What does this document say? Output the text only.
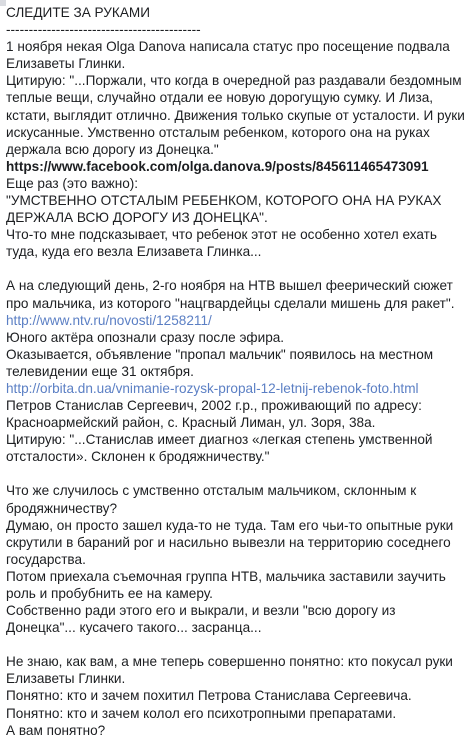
СЛЕДИТЕ ЗА РУКАМИ
-------------------------------------------
1 ноября некая Olga Danova написала статус про посещение подвала Елизаветы Глинки.
Цитирую: "...Поржали, что когда в очередной раз раздавали бездомным теплые вещи, случайно отдали ее новую дорогущую сумку. И Лиза, кстати, выглядит отлично. Движения только скупые от усталости. И руки искусанные. Умственно отсталым ребенком, которого она на руках держала всю дорогу из Донецка."
https://www.facebook.com/olga.danova.9/posts/845611465473091
Еще раз (это важно):
"УМСТВЕННО ОТСТАЛЫМ РЕБЕНКОМ, КОТОРОГО ОНА НА РУКАХ ДЕРЖАЛА ВСЮ ДОРОГУ ИЗ ДОНЕЦКА".
Что-то мне подсказывает, что ребенок этот не особенно хотел ехать туда, куда его везла Елизавета Глинка...
А на следующий день, 2-го ноября на НТВ вышел феерический сюжет про мальчика, из которого "нацгвардейцы сделали мишень для ракет".
http://www.ntv.ru/novosti/1258211/
Юного актёра опознали сразу после эфира.
Оказывается, объявление "пропал мальчик" появилось на местном телевидении еще 31 октября.
http://orbita.dn.ua/vnimanie-rozysk-propal-12-letnij-rebenok-foto.html
Петров Станислав Сергеевич, 2002 г.р., проживающий по адресу: Красноармейский район, с. Красный Лиман, ул. Зоря, 38а.
Цитирую: "...Станислав имеет диагноз «легкая степень умственной отсталости». Склонен к бродяжничеству."
Что же случилось с умственно отсталым мальчиком, склонным к бродяжничеству?
Думаю, он просто зашел куда-то не туда. Там его чьи-то опытные руки скрутили в бараний рог и насильно вывезли на территорию соседнего государства.
Потом приехала съемочная группа НТВ, мальчика заставили заучить роль и пробубнить ее на камеру.
Собственно ради этого его и выкрали, и везли "всю дорогу из Донецка"... кусачего такого... засранца...
Не знаю, как вам, а мне теперь совершенно понятно: кто покусал руки Елизаветы Глинки.
Понятно: кто и зачем похитил Петрова Станислава Сергеевича.
Понятно: кто и зачем колол его психотропными препаратами.
А вам понятно?
